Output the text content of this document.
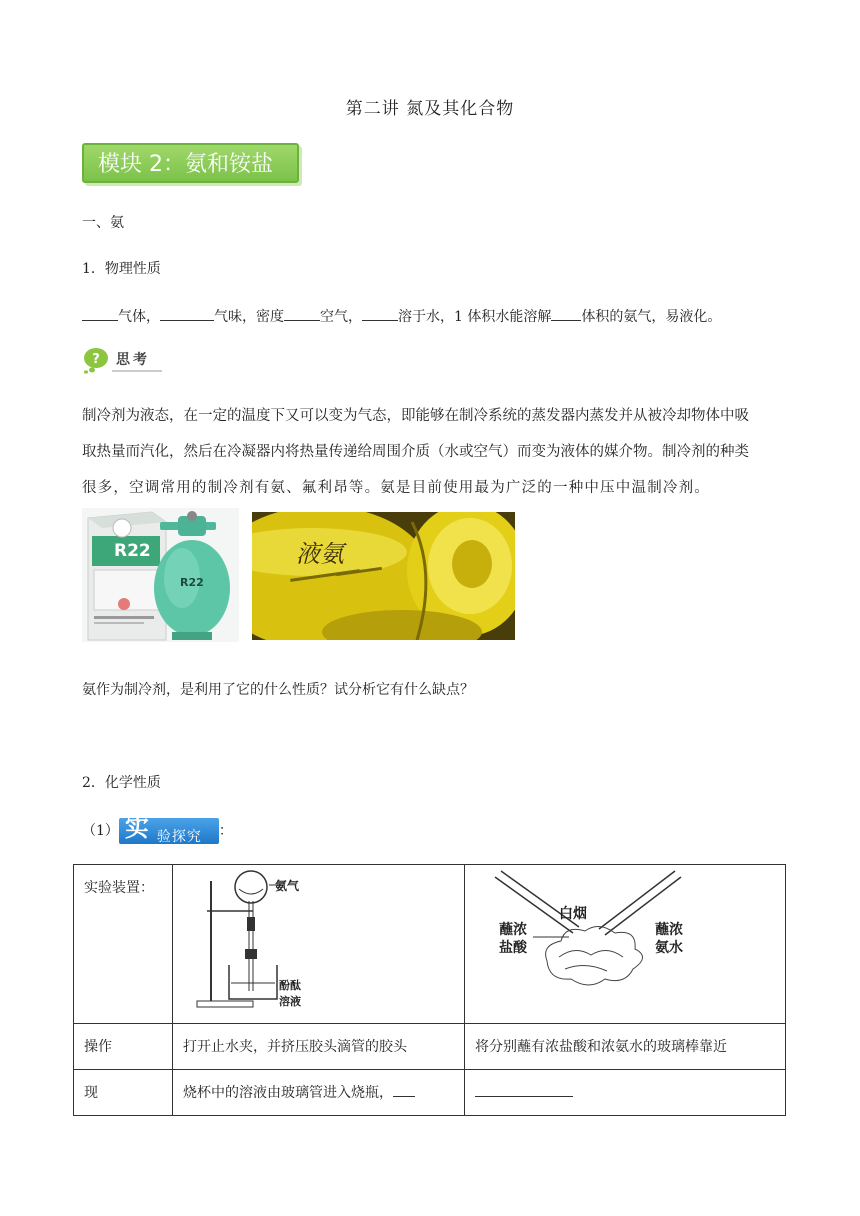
第二讲 氮及其化合物
模块 2：氨和铵盐
一、氨
1．物理性质
气体，	气味，密度	空气，	溶于水，1 体积水能溶解 体积的氨气，易液化。
? 思考
制冷剂为液态，在一定的温度下又可以变为气态，即能够在制冷系统的蒸发器内蒸发并从被冷却物体中吸
取热量而汽化，然后在冷凝器内将热量传递给周围介质（水或空气）而变为液体的媒介物。制冷剂的种类
很多，空调常用的制冷剂有氨、氟利昂等。氨是目前使用最为广泛的一种中压中温制冷剂。
R22
R22
液氨
氨作为制冷剂，是利用了它的什么性质？试分析它有什么缺点？
2．化学性质
（1） 实 验探究 ：
实验装置：	氨气
酚酞
溶液	白烟
蘸浓
盐酸
蘸浓
氨水

操作	打开止水夹，并挤压胶头滴管的胶头	将分别蘸有浓盐酸和浓氨水的玻璃棒靠近

现	烧杯中的溶液由玻璃管进入烧瓶，	
